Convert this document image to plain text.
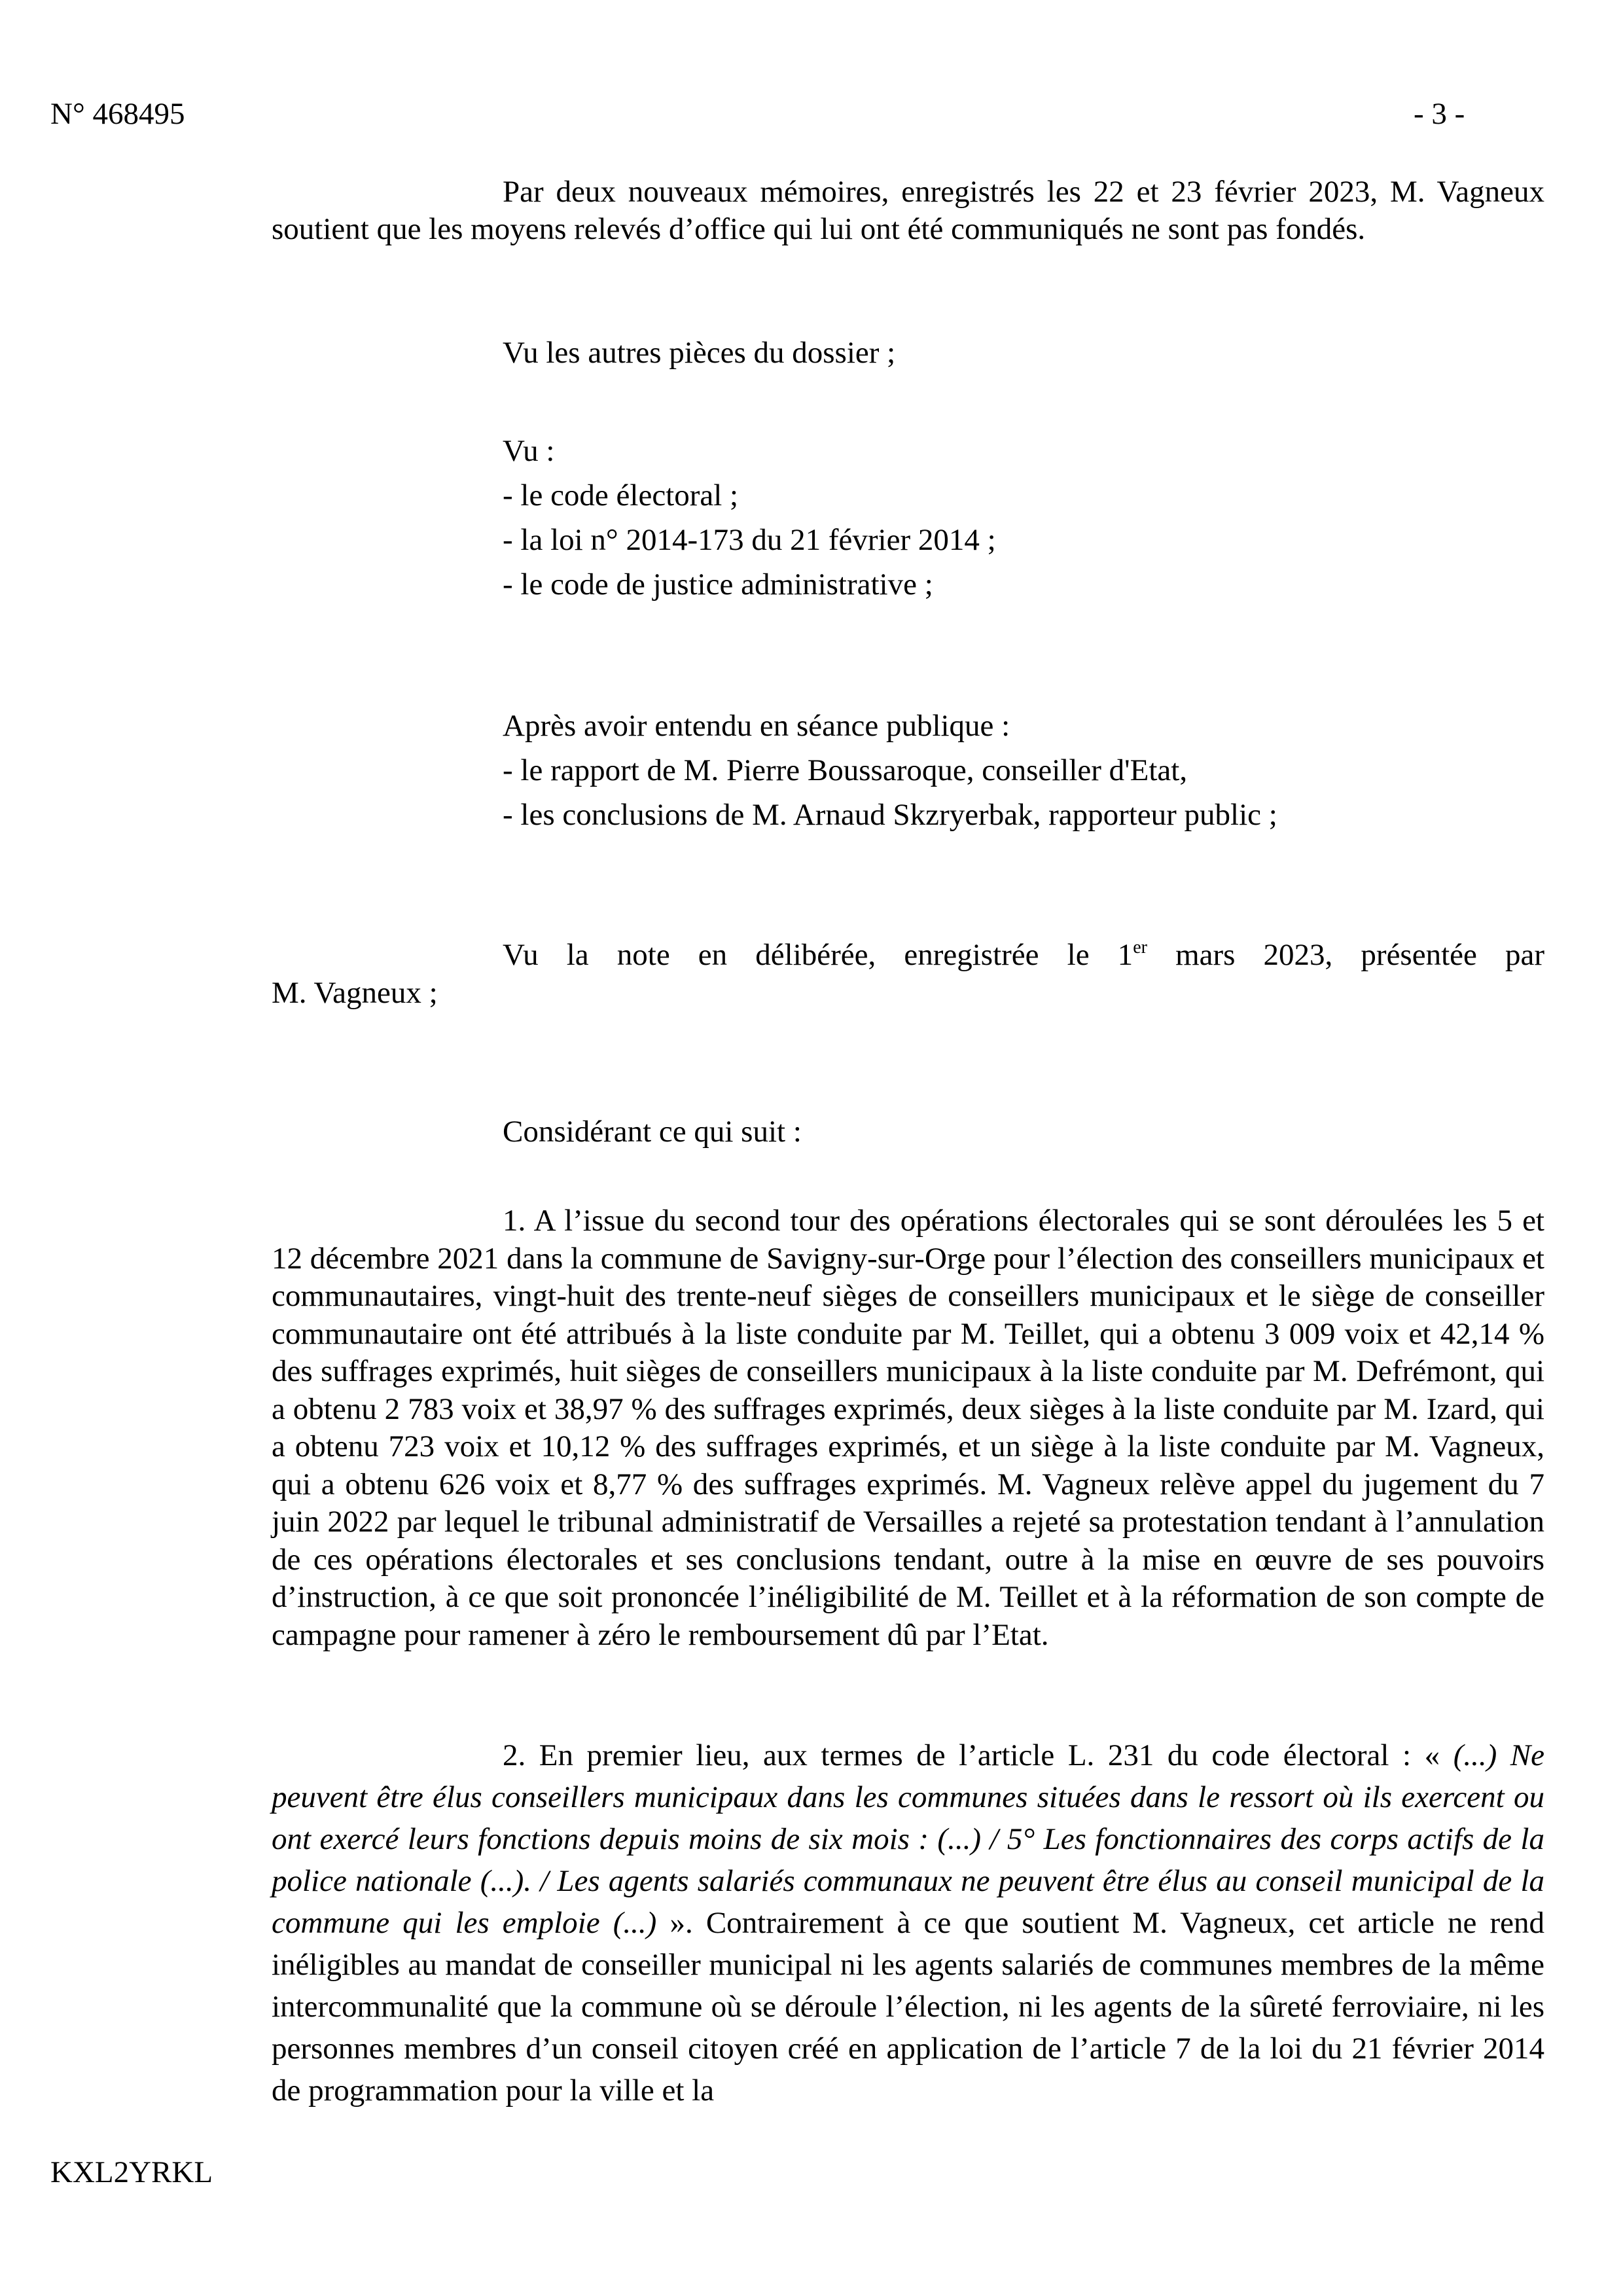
N° 468495	- 3 -

Par deux nouveaux mémoires, enregistrés les 22 et 23 février 2023, M. Vagneux soutient que les moyens relevés d’office qui lui ont été communiqués ne sont pas fondés.

Vu les autres pièces du dossier ;
Vu :
- le code électoral ;
- la loi n° 2014-173 du 21 février 2014 ;
- le code de justice administrative ;
Après avoir entendu en séance publique :
- le rapport de M. Pierre Boussaroque, conseiller d'Etat,
- les conclusions de M. Arnaud Skzryerbak, rapporteur public ;
Vu la note en délibérée, enregistrée le 1er mars 2023, présentée par
M. Vagneux ;
Considérant ce qui suit :

1. A l’issue du second tour des opérations électorales qui se sont déroulées les 5 et 12 décembre 2021 dans la commune de Savigny-sur-Orge pour l’élection des conseillers municipaux et communautaires, vingt-huit des trente-neuf sièges de conseillers municipaux et le siège de conseiller communautaire ont été attribués à la liste conduite par M. Teillet, qui a obtenu 3 009 voix et 42,14 % des suffrages exprimés, huit sièges de conseillers municipaux à la liste conduite par M. Defrémont, qui a obtenu 2 783 voix et 38,97 % des suffrages exprimés, deux sièges à la liste conduite par M. Izard, qui a obtenu 723 voix et 10,12 % des suffrages exprimés, et un siège à la liste conduite par M. Vagneux, qui a obtenu 626 voix et 8,77 % des suffrages exprimés. M. Vagneux relève appel du jugement du 7 juin 2022 par lequel le tribunal administratif de Versailles a rejeté sa protestation tendant à l’annulation de ces opérations électorales et ses conclusions tendant, outre à la mise en œuvre de ses pouvoirs d’instruction, à ce que soit prononcée l’inéligibilité de M. Teillet et à la réformation de son compte de campagne pour ramener à zéro le remboursement dû par l’Etat.

2. En premier lieu, aux termes de l’article L. 231 du code électoral : « (...) Ne peuvent être élus conseillers municipaux dans les communes situées dans le ressort où ils exercent ou ont exercé leurs fonctions depuis moins de six mois : (...) / 5° Les fonctionnaires des corps actifs de la police nationale (...). / Les agents salariés communaux ne peuvent être élus au conseil municipal de la commune qui les emploie (...) ». Contrairement à ce que soutient M. Vagneux, cet article ne rend inéligibles au mandat de conseiller municipal ni les agents salariés de communes membres de la même intercommunalité que la commune où se déroule l’élection, ni les agents de la sûreté ferroviaire, ni les personnes membres d’un conseil citoyen créé en application de l’article 7 de la loi du 21 février 2014 de programmation pour la ville et la

KXL2YRKL
